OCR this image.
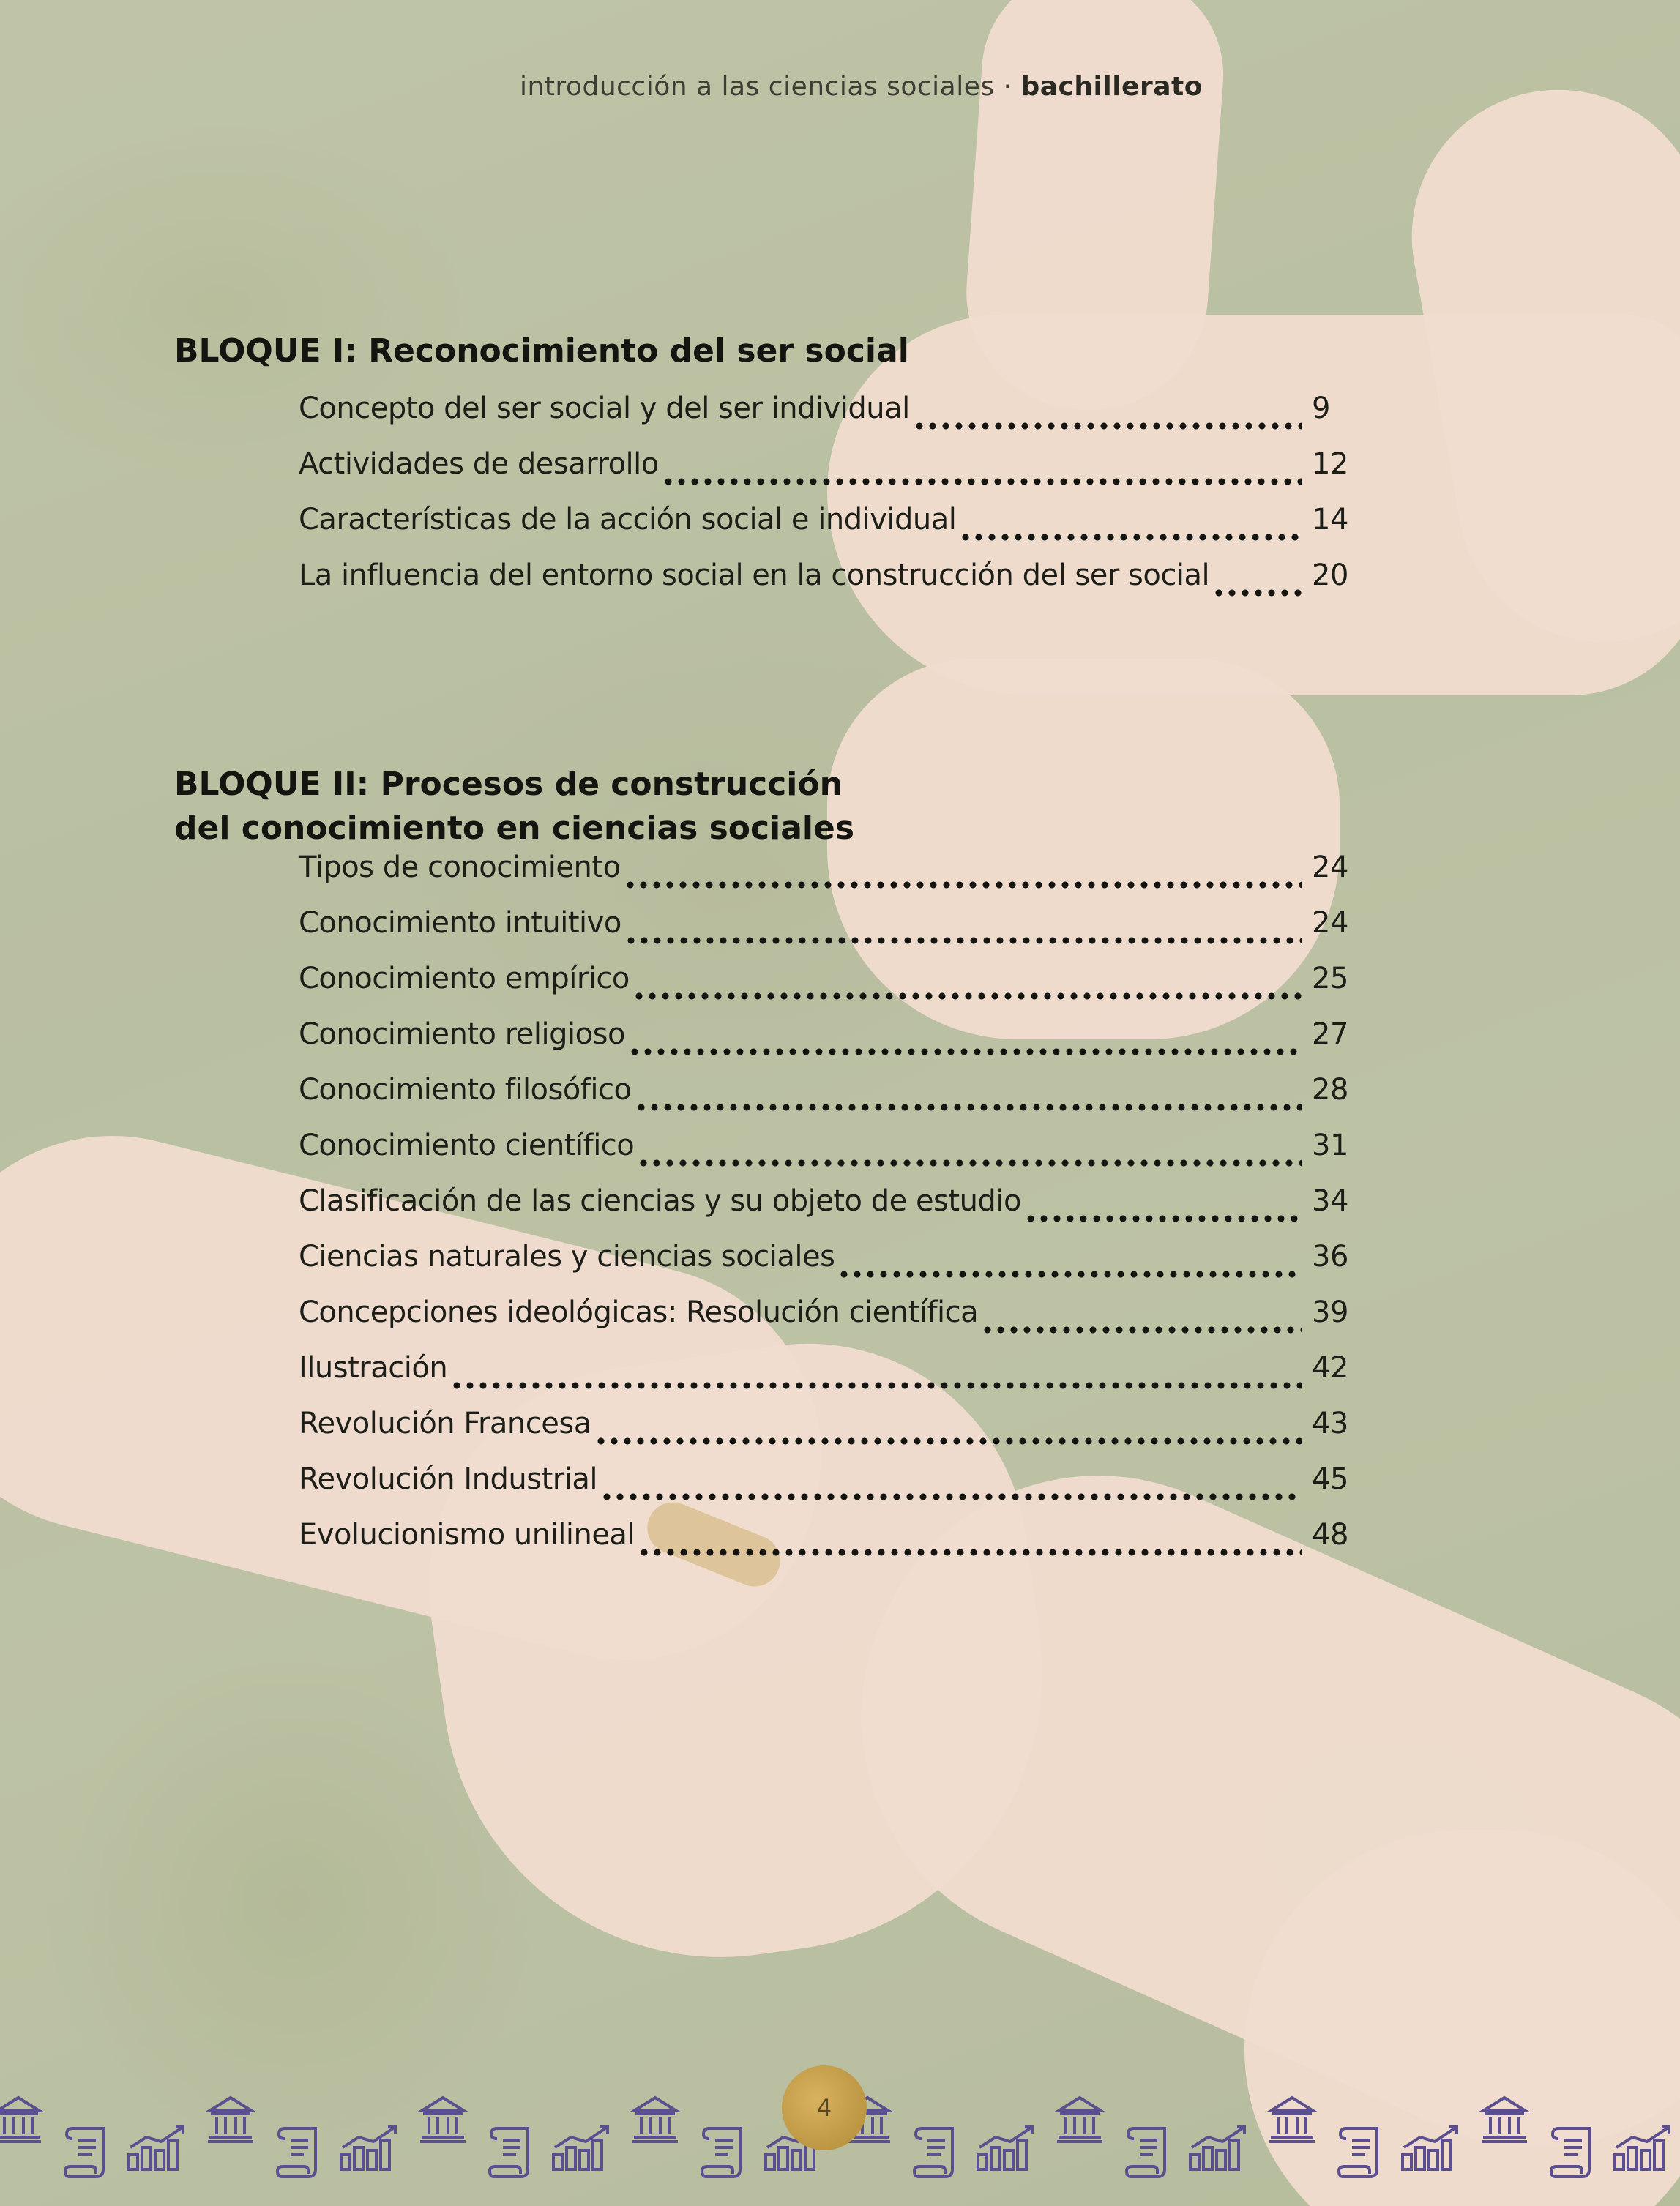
introducción a las ciencias sociales · bachillerato
BLOQUE I: Reconocimiento del ser social
Concepto del ser social y del ser individual	9
Actividades de desarrollo	12
Características de la acción social e individual	14
La influencia del entorno social en la construcción del ser social	20
BLOQUE II: Procesos de construcción
del conocimiento en ciencias sociales
Tipos de conocimiento	24
Conocimiento intuitivo	24
Conocimiento empírico	25
Conocimiento religioso	27
Conocimiento filosófico	28
Conocimiento científico	31
Clasificación de las ciencias y su objeto de estudio	34
Ciencias naturales y ciencias sociales	36
Concepciones ideológicas: Resolución científica	39
Ilustración	42
Revolución Francesa	43
Revolución Industrial	45
Evolucionismo unilineal	48
4
